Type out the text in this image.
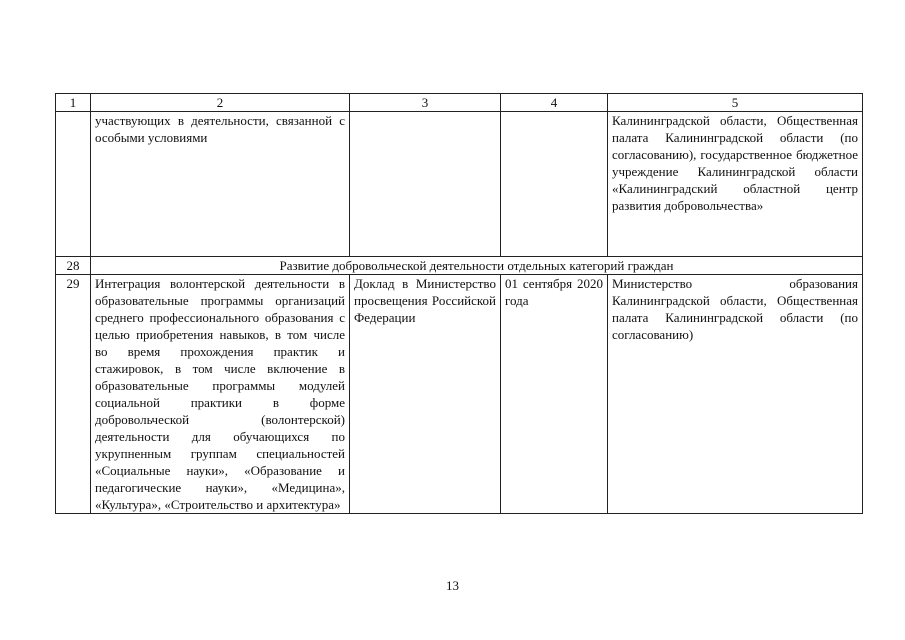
1	2	3	4	5
	участвующих в деятельности, связанной с особыми условиями			Калининградской области, Общественная палата Калининградской области (по согласованию), государственное бюджетное учреждение Калининградской области «Калининградский областной центр развития добровольчества»
28	Развитие добровольческой деятельности отдельных категорий граждан			
29	Интеграция волонтерской деятельности в образовательные программы организаций среднего профессионального образования с целью приобретения навыков, в том числе во время прохождения практик и стажировок, в том числе включение в образовательные программы модулей социальной практики в форме добровольческой (волонтерской) деятельности для обучающихся по укрупненным группам специальностей «Социальные науки», «Образование и педагогические науки», «Медицина», «Культура», «Строительство и архитектура»	Доклад в Министерство просвещения Российской Федерации	01 сентября 2020 года	Министерство образования Калининградской области, Общественная палата Калининградской области (по согласованию)
13
